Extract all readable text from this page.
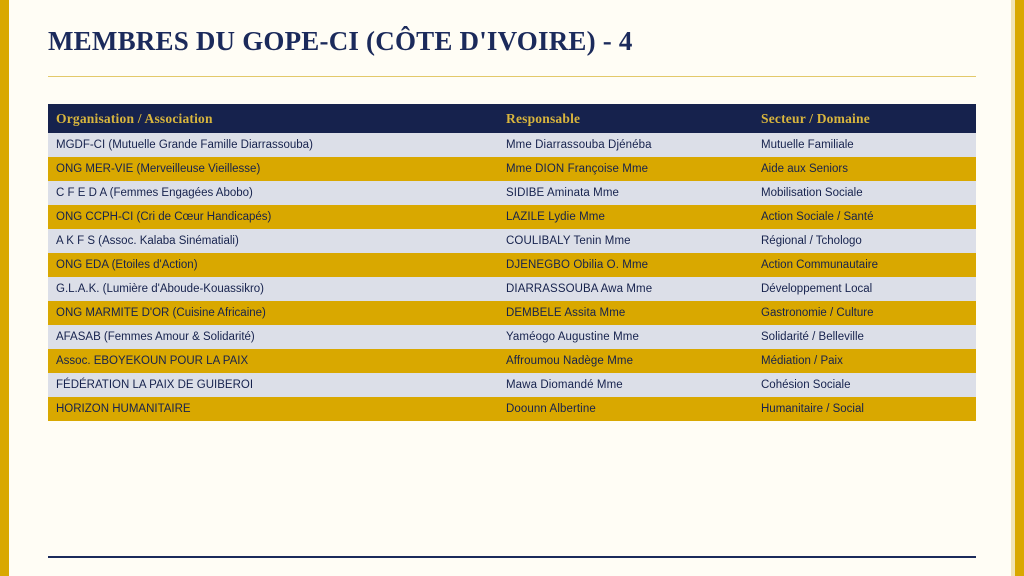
MEMBRES DU GOPE-CI (CÔTE D'IVOIRE) - 4
Organisation / Association	Responsable	Secteur / Domaine
MGDF-CI (Mutuelle Grande Famille Diarrassouba)	Mme Diarrassouba Djénéba	Mutuelle Familiale
ONG MER-VIE (Merveilleuse Vieillesse)	Mme DION Françoise Mme	Aide aux Seniors
C F E D A (Femmes Engagées Abobo)	SIDIBE Aminata Mme	Mobilisation Sociale
ONG CCPH-CI (Cri de Cœur Handicapés)	LAZILE Lydie Mme	Action Sociale / Santé
A K F S (Assoc. Kalaba Sinématiali)	COULIBALY Tenin Mme	Régional / Tchologo
ONG EDA (Etoiles d'Action)	DJENEGBO Obilia O. Mme	Action Communautaire
G.L.A.K. (Lumière d'Aboude-Kouassikro)	DIARRASSOUBA Awa Mme	Développement Local
ONG MARMITE D'OR (Cuisine Africaine)	DEMBELE Assita Mme	Gastronomie / Culture
AFASAB (Femmes Amour & Solidarité)	Yaméogo Augustine Mme	Solidarité / Belleville
Assoc. EBOYEKOUN POUR LA PAIX	Affroumou Nadège Mme	Médiation / Paix
FÉDÉRATION LA PAIX DE GUIBEROI	Mawa Diomandé Mme	Cohésion Sociale
HORIZON HUMANITAIRE	Doounn Albertine	Humanitaire / Social
